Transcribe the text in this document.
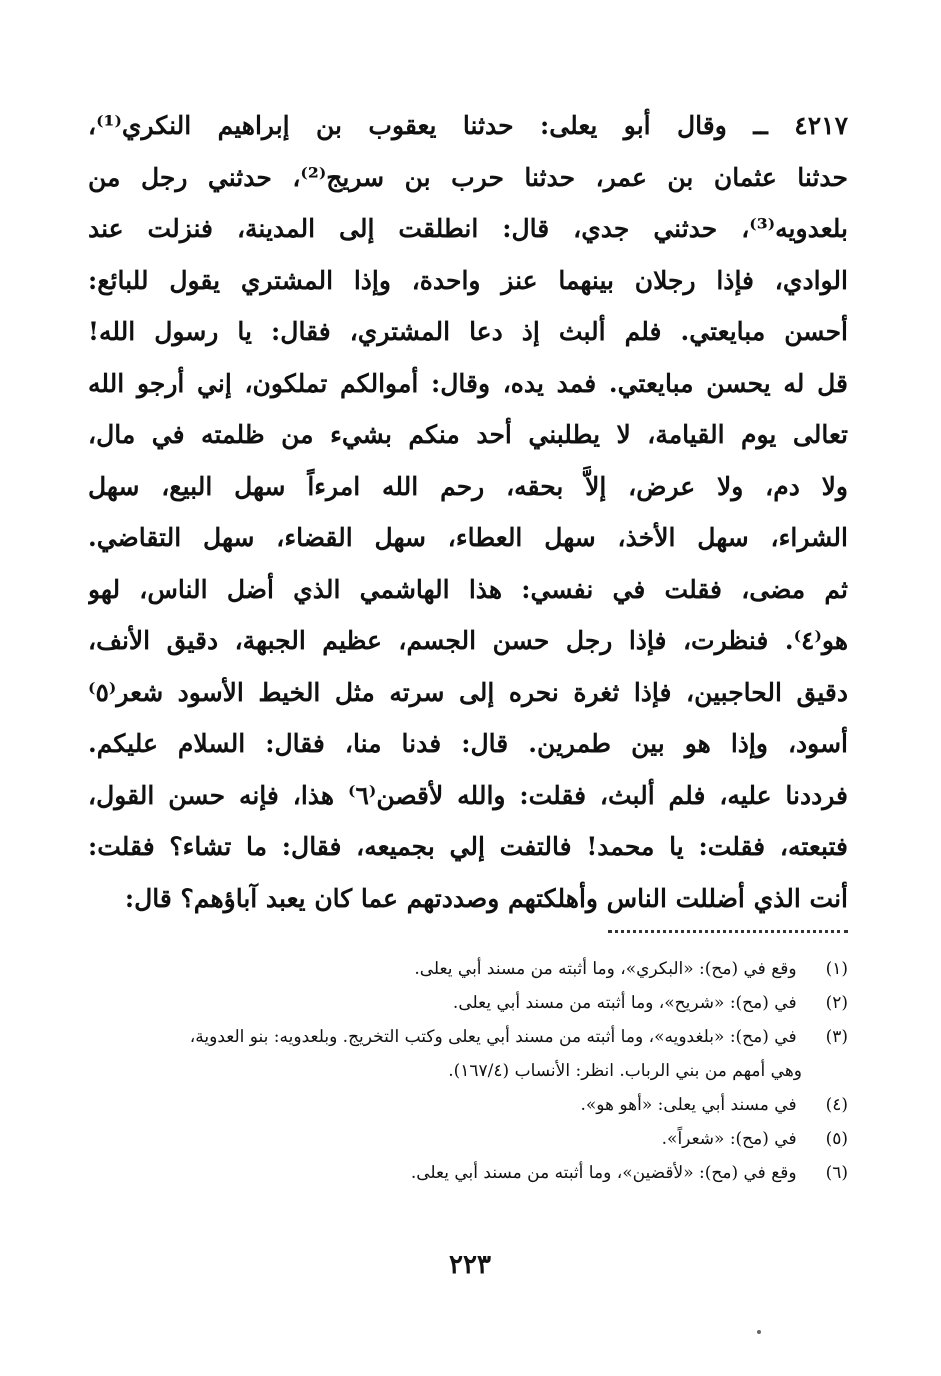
٤٢١٧ ــ وقال أبو يعلى: حدثنا يعقوب بن إبراهيم النكري⁽¹⁾،
حدثنا عثمان بن عمر، حدثنا حرب بن سريج⁽²⁾، حدثني رجل من
بلعدويه⁽³⁾، حدثني جدي، قال: انطلقت إلى المدينة، فنزلت عند
الوادي، فإذا رجلان بينهما عنز واحدة، وإذا المشتري يقول للبائع:
أحسن مبايعتي. فلم ألبث إذ دعا المشتري، فقال: يا رسول الله!
قل له يحسن مبايعتي. فمد يده، وقال: أموالكم تملكون، إني أرجو الله
تعالى يوم القيامة، لا يطلبني أحد منكم بشيء من ظلمته في مال،
ولا دم، ولا عرض، إلاَّ بحقه، رحم الله امرءاً سهل البيع، سهل
الشراء، سهل الأخذ، سهل العطاء، سهل القضاء، سهل التقاضي.
ثم مضى، فقلت في نفسي: هذا الهاشمي الذي أضل الناس، لهو
هو⁽٤⁾. فنظرت، فإذا رجل حسن الجسم، عظيم الجبهة، دقيق الأنف،
دقيق الحاجبين، فإذا ثغرة نحره إلى سرته مثل الخيط الأسود شعر⁽٥⁾
أسود، وإذا هو بين طمرين. قال: فدنا منا، فقال: السلام عليكم.
فرددنا عليه، فلم ألبث، فقلت: والله لأقصن⁽٦⁾ هذا، فإنه حسن القول،
فتبعته، فقلت: يا محمد! فالتفت إلي بجميعه، فقال: ما تشاء؟ فقلت:
أنت الذي أضللت الناس وأهلكتهم وصددتهم عما كان يعبد آباؤهم؟ قال:
(١) وقع في (مح): «البكري»، وما أثبته من مسند أبي يعلى.
(٢) في (مح): «شريح»، وما أثبته من مسند أبي يعلى.
(٣) في (مح): «بلغدويه»، وما أثبته من مسند أبي يعلى وكتب التخريج. وبلعدويه: بنو العدوية،
وهي أمهم من بني الرباب. انظر: الأنساب (١٦٧/٤).
(٤) في مسند أبي يعلى: «أهو هو».
(٥) في (مح): «شعراً».
(٦) وقع في (مح): «لأقضين»، وما أثبته من مسند أبي يعلى.
٢٢٣
